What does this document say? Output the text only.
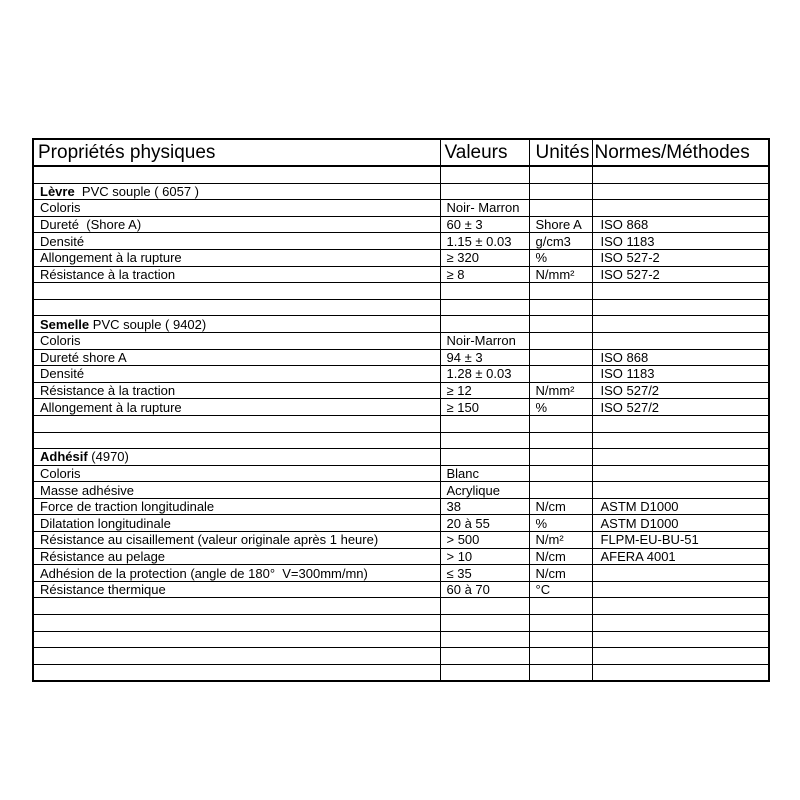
Propriétés physiques	Valeurs	Unités	Normes/Méthodes

Lèvre  PVC souple ( 6057 )			
Coloris	Noir- Marron		
Dureté  (Shore A)	60 ± 3	Shore A	ISO 868
Densité	1.15 ± 0.03	g/cm3	ISO 1183
Allongement à la rupture	≥ 320	%	ISO 527-2
Résistance à la traction	≥ 8	N/mm²	ISO 527-2

Semelle PVC souple ( 9402)			
Coloris	Noir-Marron		
Dureté shore A	94 ± 3		ISO 868
Densité	1.28 ± 0.03		ISO 1183
Résistance à la traction	≥ 12	N/mm²	ISO 527/2
Allongement à la rupture	≥ 150	%	ISO 527/2

Adhésif (4970)			
Coloris	Blanc		
Masse adhésive	Acrylique		
Force de traction longitudinale	38	N/cm	ASTM D1000
Dilatation longitudinale	20 à 55	%	ASTM D1000
Résistance au cisaillement (valeur originale après 1 heure)	> 500	N/m²	FLPM-EU-BU-51
Résistance au pelage	> 10	N/cm	AFERA 4001
Adhésion de la protection (angle de 180°  V=300mm/mn)	≤ 35	N/cm	
Résistance thermique	60 à 70	°C	
